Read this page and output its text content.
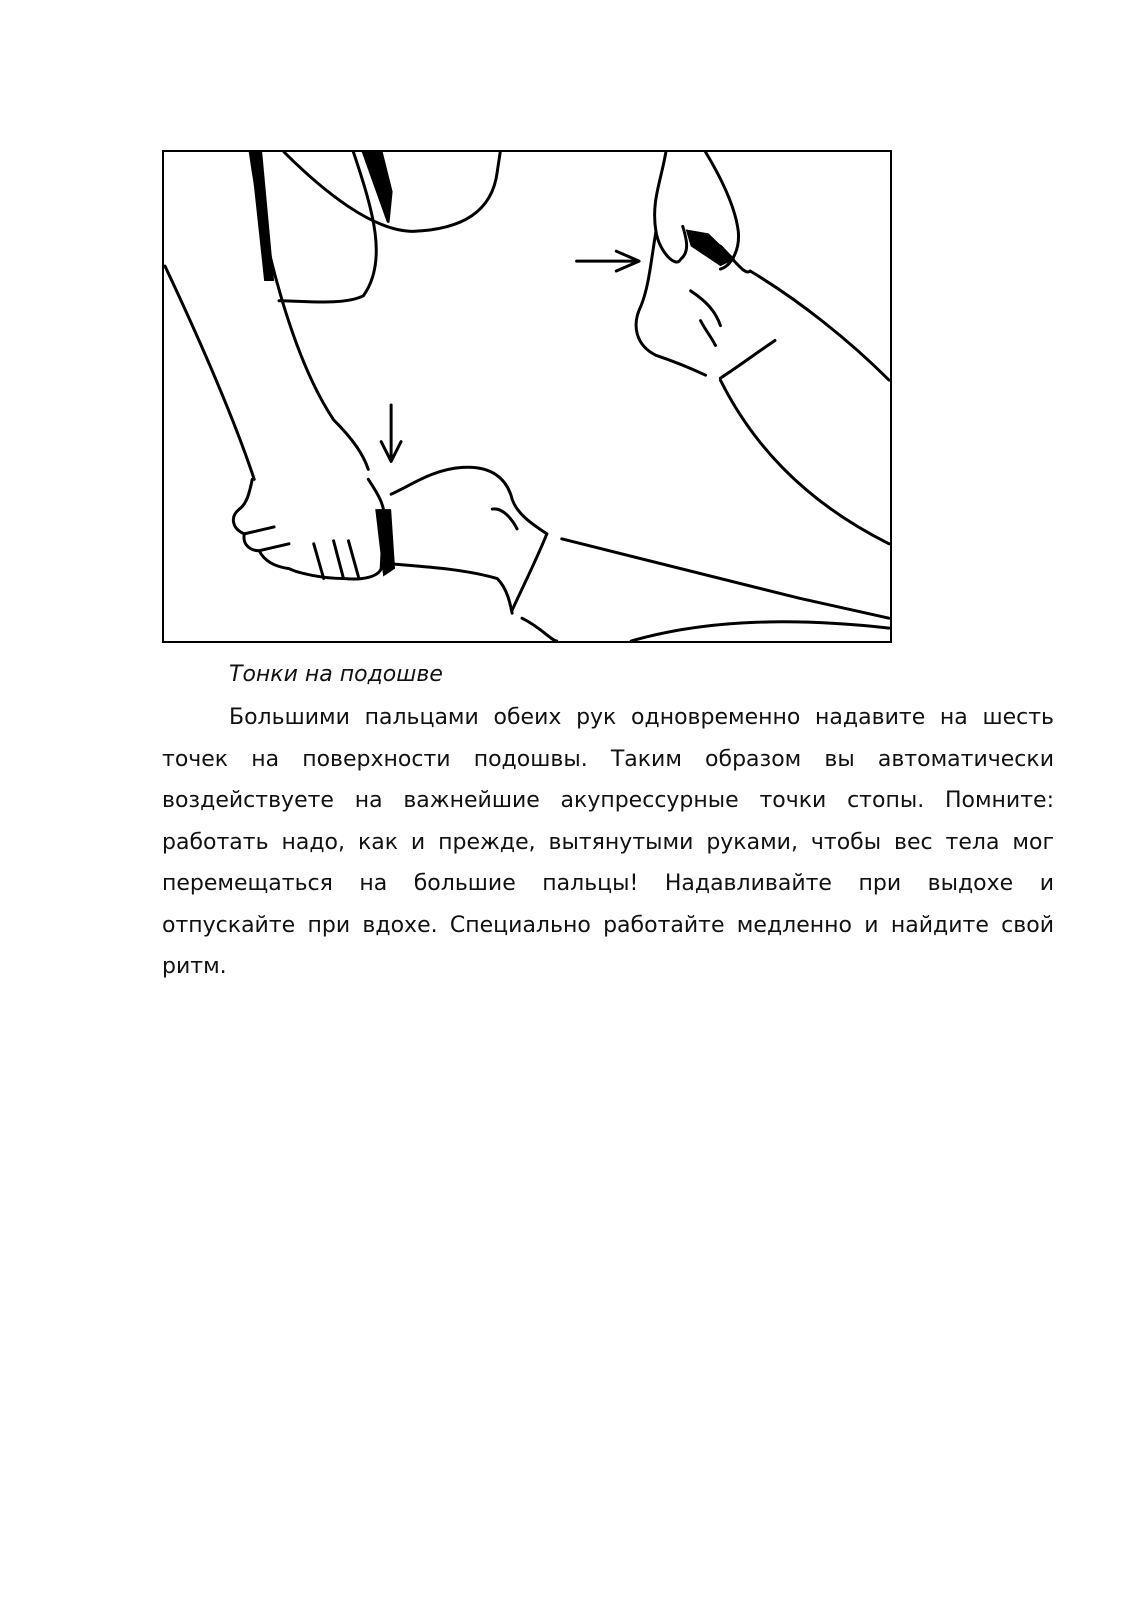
Тонки на подошве

Большими пальцами обеих рук одновременно надавите на шесть точек на поверхности подошвы. Таким образом вы автоматически воздействуете на важнейшие акупрессурные точки стопы. Помните: работать надо, как и прежде, вытянутыми руками, чтобы вес тела мог перемещаться на большие пальцы! Надавливайте при выдохе и отпускайте при вдохе. Специально работайте медленно и найдите свой ритм.
